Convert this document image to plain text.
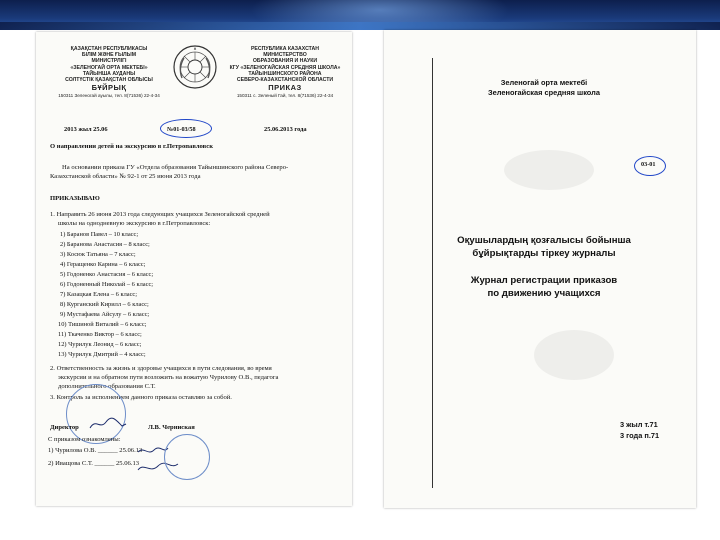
ҚАЗАҚСТАН РЕСПУБЛИКАСЫ
БІЛІМ ЖӘНЕ ҒЫЛЫМ
МИНИСТРЛІГІ
«ЗЕЛЕНОГАЙ ОРТА МЕКТЕБІ»
ТАЙЫНША АУДАНЫ
СОЛТҮСТІК ҚАЗАҚСТАН ОБЛЫСЫ
БҰЙРЫҚ
150311 Зеленогай ауылы, тел. 8(71536) 22-4-34
РЕСПУБЛИКА КАЗАХСТАН
МИНИСТЕРСТВО
ОБРАЗОВАНИЯ И НАУКИ
КГУ «ЗЕЛЕНОГАЙСКАЯ СРЕДНЯЯ ШКОЛА»
ТАЙЫНШИНСКОГО РАЙОНА
СЕВЕРО-КАЗАХСТАНСКОЙ ОБЛАСТИ
ПРИКАЗ
150311 с. Зеленый Гай, тел. 8(71536) 22-4-34
2013 жыл 25.06	№01-03/58	25.06.2013 года
О направлении детей на экскурсию в г.Петропавловск
На основании приказа ГУ «Отдела образования Тайыншинского района Северо-
Казахстанской области» № 92-1 от 25 июня 2013 года
ПРИКАЗЫВАЮ
1. Направить 26 июня 2013 года следующих учащихся Зеленогайской средней
школы на однодневную экскурсию в г.Петропавловск:
1) Баранов Павел – 10 класс;
2) Баранова Анастасия – 8 класс;
3) Косюк Татьяна – 7 класс;
4) Геращенко Карина – 6 класс;
5) Годоненко Анастасия – 6 класс;
6) Годоненный Николай – 6 класс;
7) Казацкая Елена – 6 класс;
8) Курганский Кирилл – 6 класс;
9) Мустафаева Айсулу – 6 класс;
10) Тишиной Виталий – 6 класс;
11) Ткаченко Виктор – 6 класс;
12) Чурилук Леонид – 6 класс;
13) Чурилук Дмитрий – 4 класс;
2. Ответственность за жизнь и здоровье учащихся в пути следования, во время
экскурсии и на обратном пути возложить на вожатую Чурилову О.В., педагога
дополнительного образования С.Т.
3. Контроль за исполнением данного приказа оставляю за собой.
Директор	Л.В. Черниская
С приказом ознакомлены:
1) Чурилова О.В. ______ 25.06.13
2) Иващова С.Т. ______ 25.06.13
Зеленогай орта мектебі
Зеленогайская средняя школа
03-01
Оқушылардың қозғалысы бойынша
бұйрықтарды тіркеу журналы
Журнал регистрации приказов
по движению учащихся
3 жыл т.71
3 года п.71
